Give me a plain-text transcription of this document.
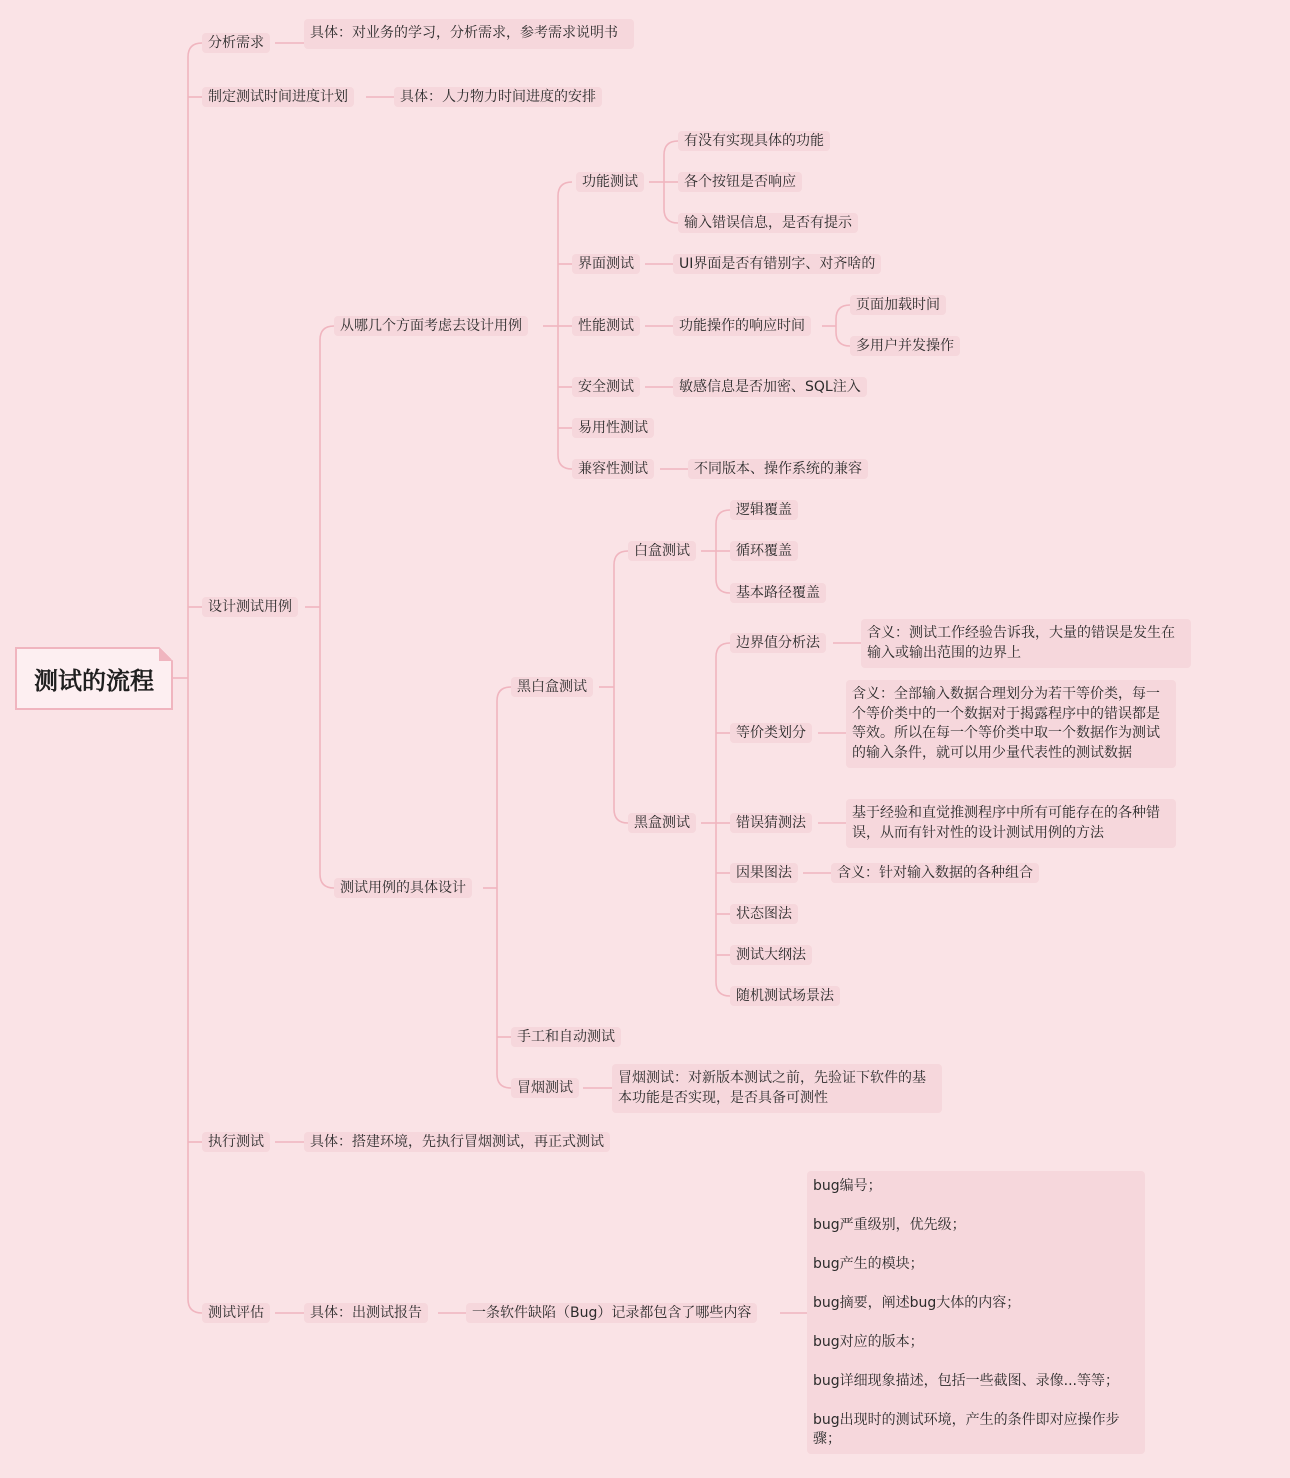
测试的流程
分析需求
具体：对业务的学习，分析需求，参考需求说明书
制定测试时间进度计划	具体：人力物力时间进度的安排
设计测试用例
执行测试	具体：搭建环境，先执行冒烟测试，再正式测试
测试评估	具体：出测试报告	一条软件缺陷（Bug）记录都包含了哪些内容
从哪几个方面考虑去设计用例
功能测试
有没有实现具体的功能
各个按钮是否响应
输入错误信息，是否有提示
界面测试	UI界面是否有错别字、对齐啥的
性能测试	功能操作的响应时间
页面加载时间
多用户并发操作
安全测试	敏感信息是否加密、SQL注入
易用性测试
兼容性测试	不同版本、操作系统的兼容
测试用例的具体设计
黑白盒测试
白盒测试
逻辑覆盖
循环覆盖
基本路径覆盖
黑盒测试
边界值分析法
含义：测试工作经验告诉我，大量的错误是发生在输入或输出范围的边界上
等价类划分
含义：全部输入数据合理划分为若干等价类，每一个等价类中的一个数据对于揭露程序中的错误都是等效。所以在每一个等价类中取一个数据作为测试的输入条件，就可以用少量代表性的测试数据
错误猜测法
基于经验和直觉推测程序中所有可能存在的各种错误，从而有针对性的设计测试用例的方法
因果图法	含义：针对输入数据的各种组合
状态图法
测试大纲法
随机测试场景法
手工和自动测试
冒烟测试
冒烟测试：对新版本测试之前，先验证下软件的基本功能是否实现，是否具备可测性
bug编号；
bug严重级别，优先级；
bug产生的模块；
bug摘要，阐述bug大体的内容；
bug对应的版本；
bug详细现象描述，包括一些截图、录像...等等；
bug出现时的测试环境，产生的条件即对应操作步骤；
